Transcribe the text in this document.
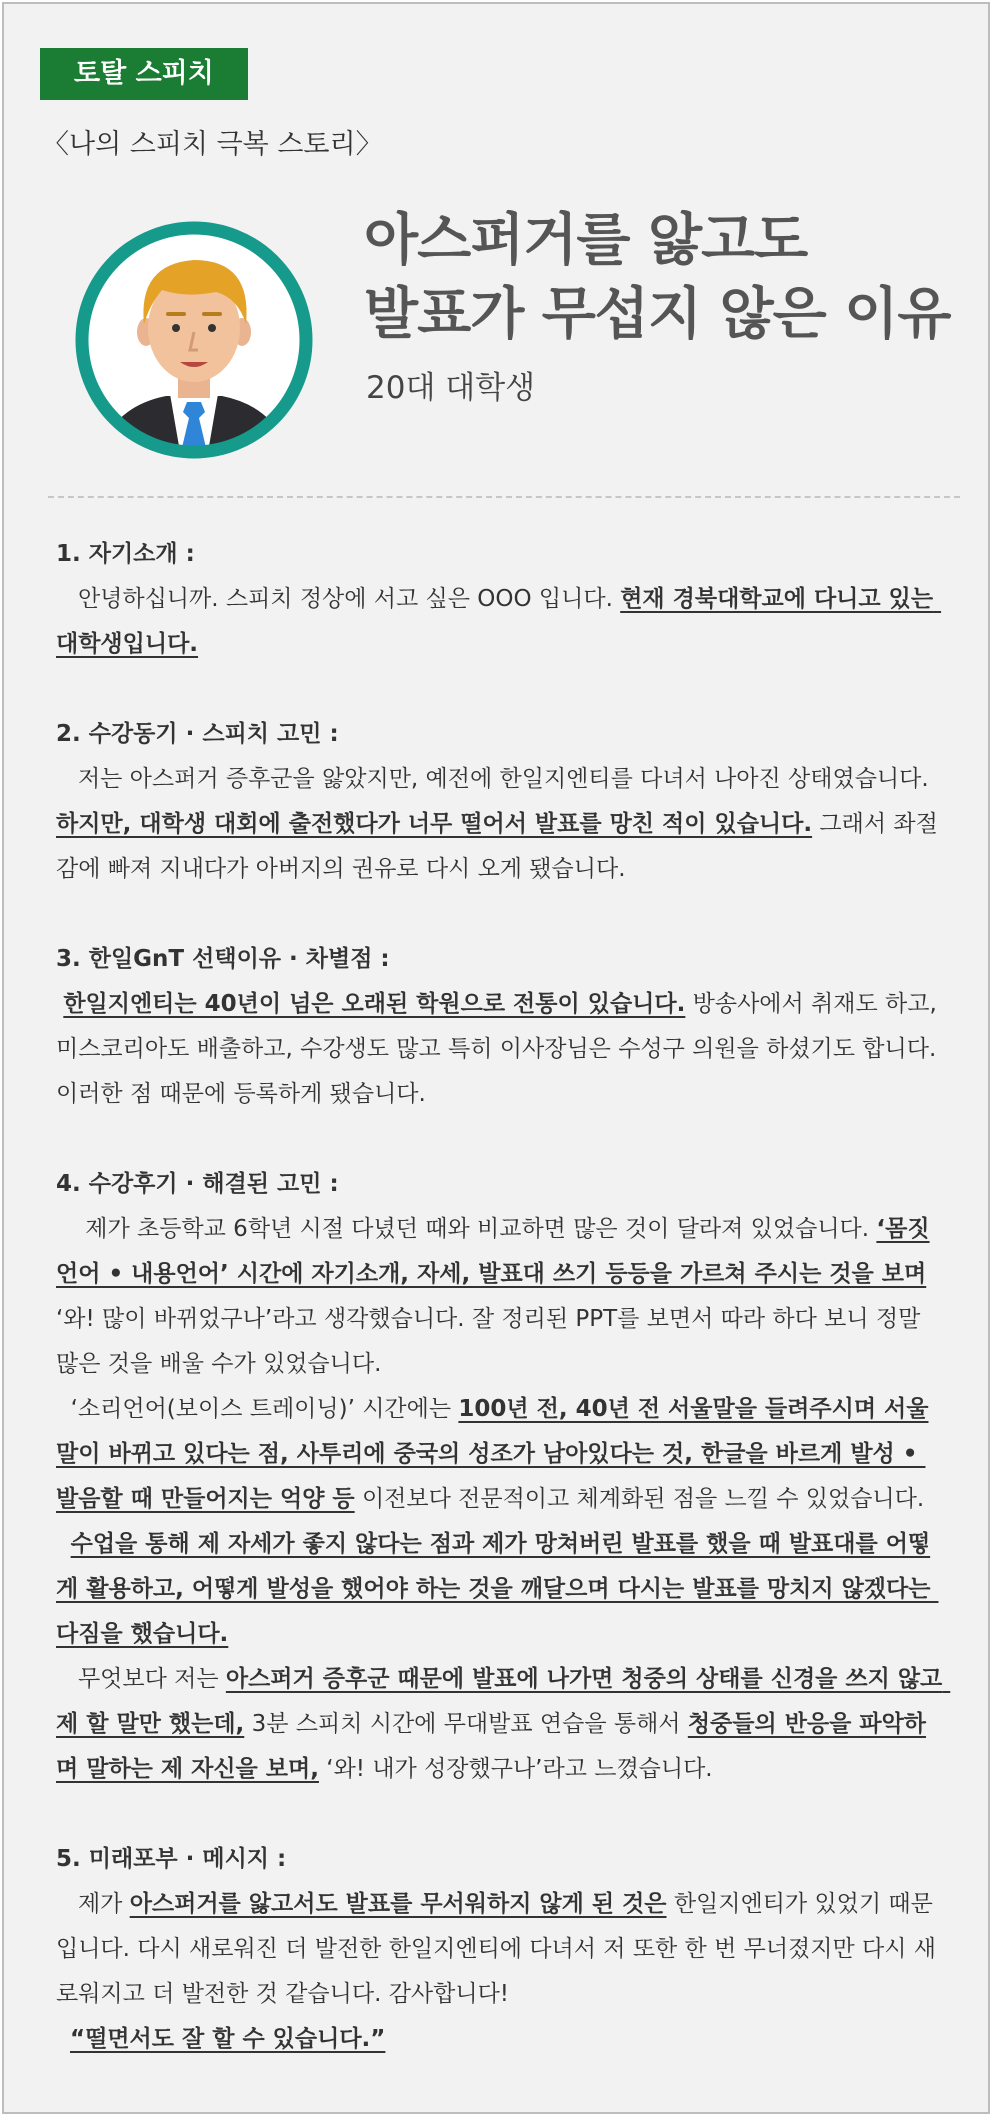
토탈 스피치
〈나의 스피치 극복 스토리〉
아스퍼거를 앓고도
발표가 무섭지 않은 이유
20대 대학생
1. 자기소개 :
안녕하십니까. 스피치 정상에 서고 싶은 OOO 입니다. 현재 경북대학교에 다니고 있는 대학생입니다.
2. 수강동기 · 스피치 고민 :
저는 아스퍼거 증후군을 앓았지만, 예전에 한일지엔티를 다녀서 나아진 상태였습니다. 하지만, 대학생 대회에 출전했다가 너무 떨어서 발표를 망친 적이 있습니다. 그래서 좌절감에 빠져 지내다가 아버지의 권유로 다시 오게 됐습니다.
3. 한일GnT 선택이유 · 차별점 :
한일지엔티는 40년이 넘은 오래된 학원으로 전통이 있습니다. 방송사에서 취재도 하고, 미스코리아도 배출하고, 수강생도 많고 특히 이사장님은 수성구 의원을 하셨기도 합니다. 이러한 점 때문에 등록하게 됐습니다.
4. 수강후기 · 해결된 고민 :
제가 초등학교 6학년 시절 다녔던 때와 비교하면 많은 것이 달라져 있었습니다. ‘몸짓언어 • 내용언어’ 시간에 자기소개, 자세, 발표대 쓰기 등등을 가르쳐 주시는 것을 보며 ‘와! 많이 바뀌었구나’라고 생각했습니다. 잘 정리된 PPT를 보면서 따라 하다 보니 정말 많은 것을 배울 수가 있었습니다.
‘소리언어(보이스 트레이닝)’ 시간에는 100년 전, 40년 전 서울말을 들려주시며 서울말이 바뀌고 있다는 점, 사투리에 중국의 성조가 남아있다는 것, 한글을 바르게 발성 • 발음할 때 만들어지는 억양 등 이전보다 전문적이고 체계화된 점을 느낄 수 있었습니다.
수업을 통해 제 자세가 좋지 않다는 점과 제가 망쳐버린 발표를 했을 때 발표대를 어떻게 활용하고, 어떻게 발성을 했어야 하는 것을 깨달으며 다시는 발표를 망치지 않겠다는 다짐을 했습니다.
무엇보다 저는 아스퍼거 증후군 때문에 발표에 나가면 청중의 상태를 신경을 쓰지 않고 제 할 말만 했는데, 3분 스피치 시간에 무대발표 연습을 통해서 청중들의 반응을 파악하며 말하는 제 자신을 보며, ‘와! 내가 성장했구나’라고 느꼈습니다.
5. 미래포부 · 메시지 :
제가 아스퍼거를 앓고서도 발표를 무서워하지 않게 된 것은 한일지엔티가 있었기 때문입니다. 다시 새로워진 더 발전한 한일지엔티에 다녀서 저 또한 한 번 무너졌지만 다시 새로워지고 더 발전한 것 같습니다. 감사합니다!
“떨면서도 잘 할 수 있습니다.”
